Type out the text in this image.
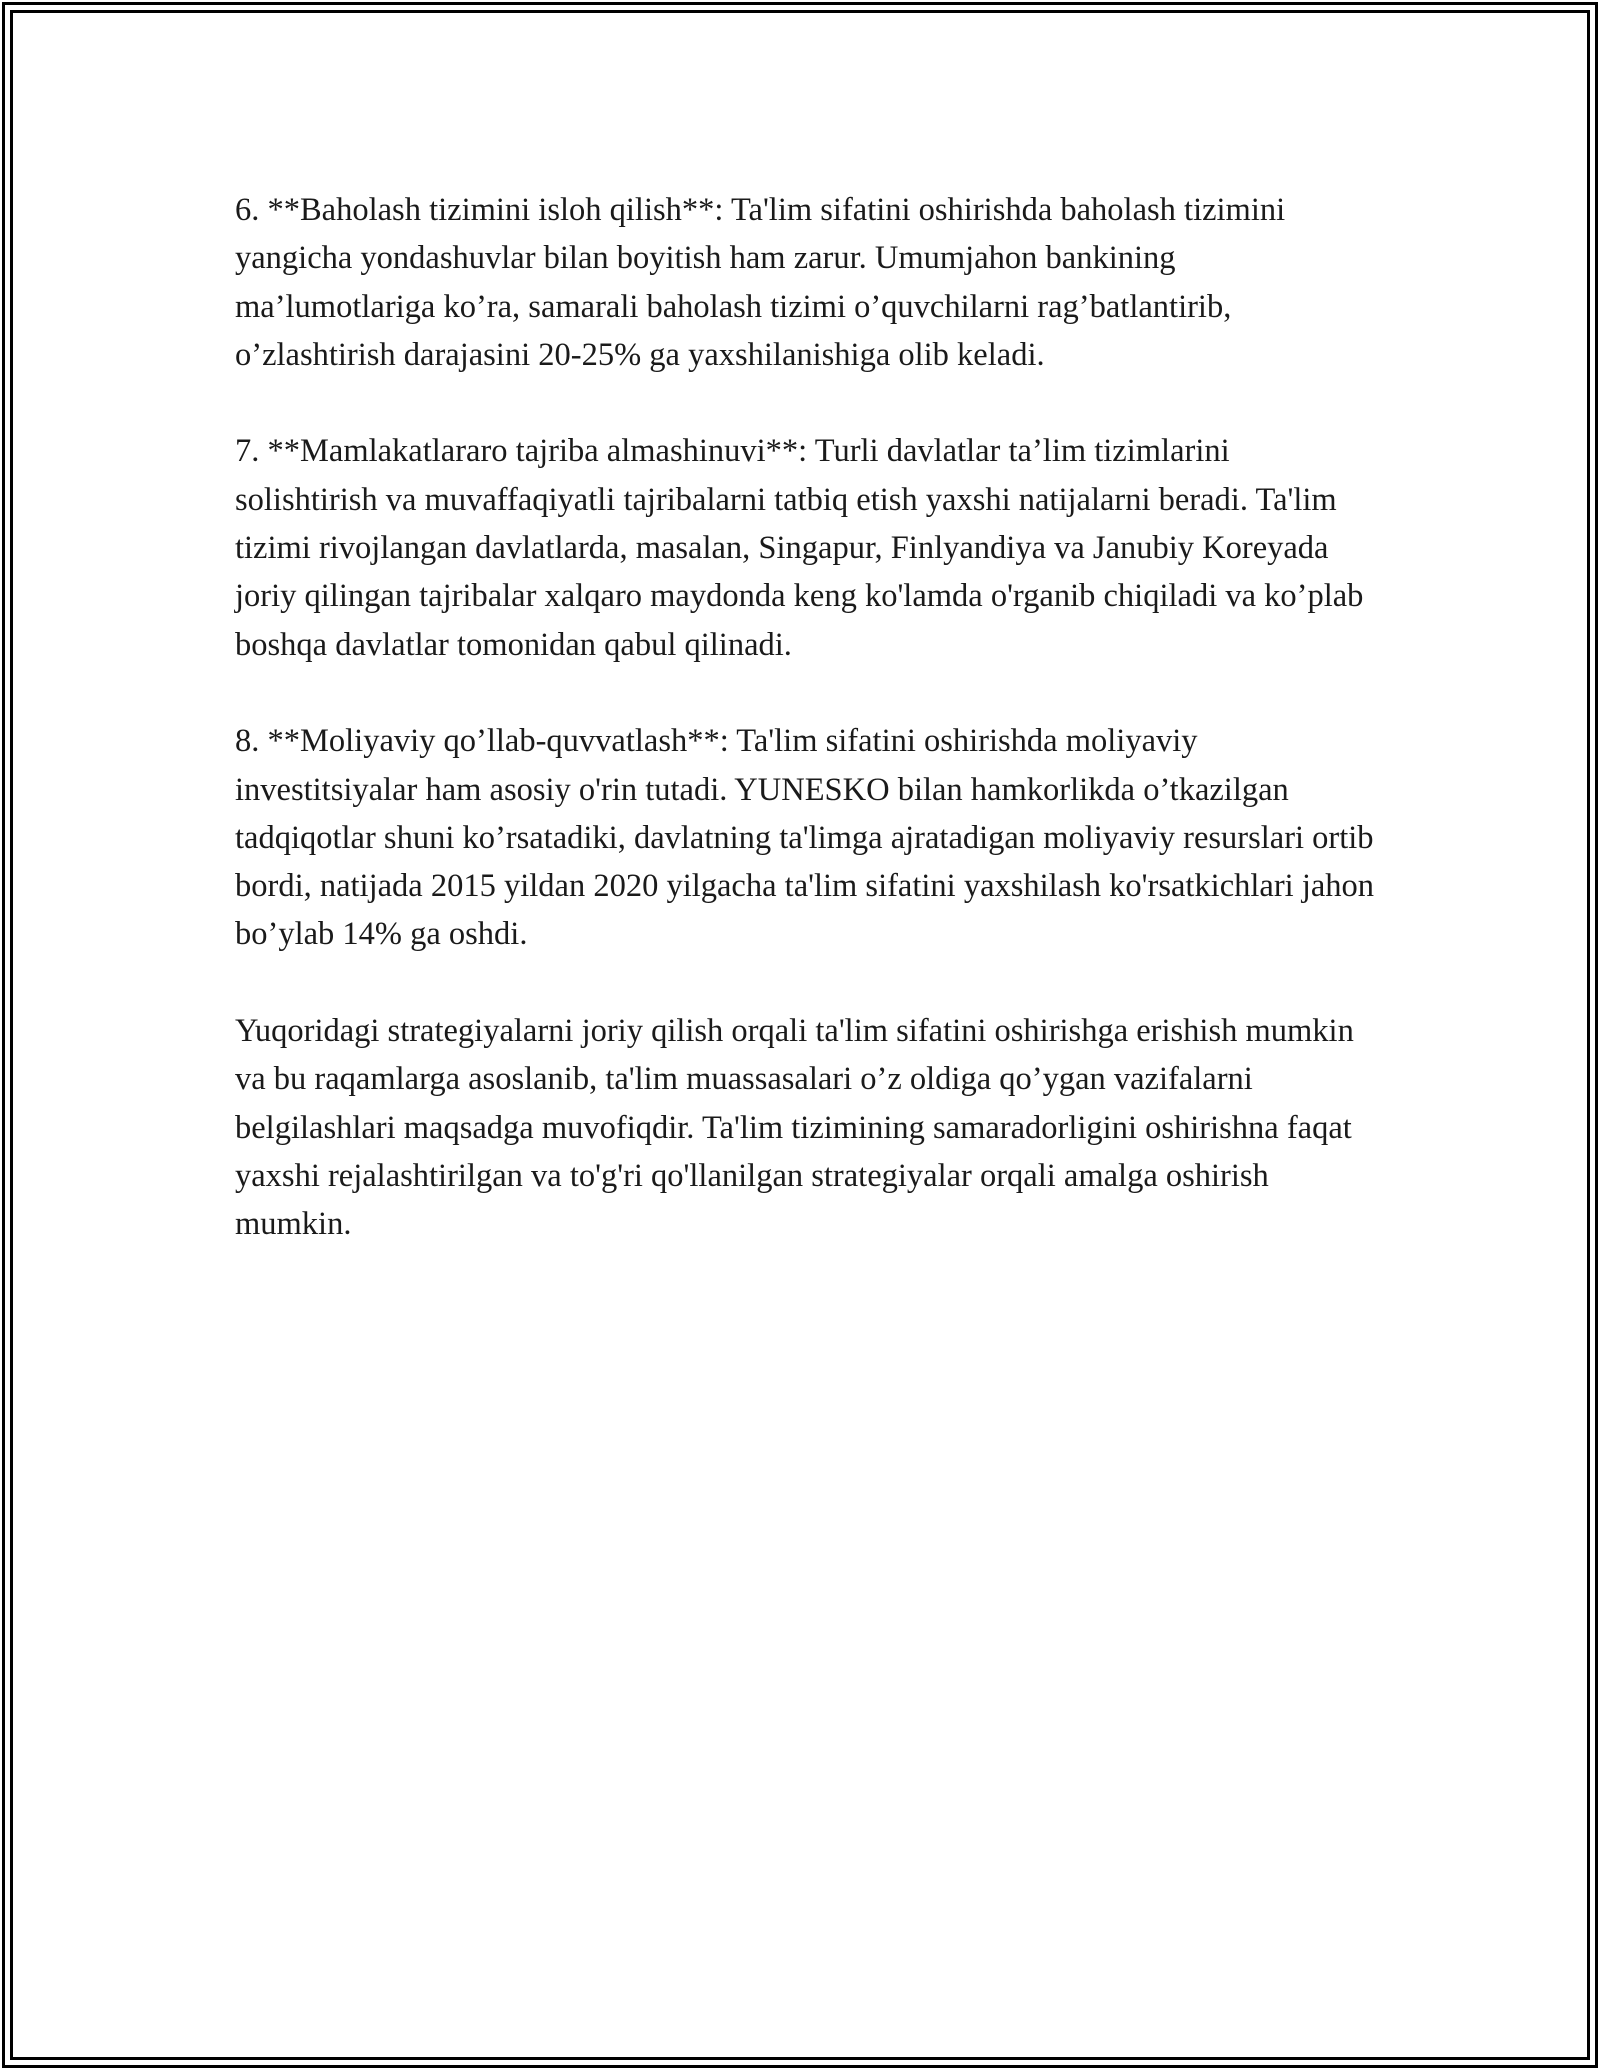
6. **Baholash tizimini isloh qilish**: Ta'lim sifatini oshirishda baholash tizimini yangicha yondashuvlar bilan boyitish ham zarur. Umumjahon bankining ma’lumotlariga ko’ra, samarali baholash tizimi o’quvchilarni rag’batlantirib, o’zlashtirish darajasini 20-25% ga yaxshilanishiga olib keladi.

7. **Mamlakatlararo tajriba almashinuvi**: Turli davlatlar ta’lim tizimlarini solishtirish va muvaffaqiyatli tajribalarni tatbiq etish yaxshi natijalarni beradi. Ta'lim tizimi rivojlangan davlatlarda, masalan, Singapur, Finlyandiya va Janubiy Koreyada joriy qilingan tajribalar xalqaro maydonda keng ko'lamda o'rganib chiqiladi va ko’plab boshqa davlatlar tomonidan qabul qilinadi.

8. **Moliyaviy qo’llab-quvvatlash**: Ta'lim sifatini oshirishda moliyaviy investitsiyalar ham asosiy o'rin tutadi. YUNESKO bilan hamkorlikda o’tkazilgan tadqiqotlar shuni ko’rsatadiki, davlatning ta'limga ajratadigan moliyaviy resurslari ortib bordi, natijada 2015 yildan 2020 yilgacha ta'lim sifatini yaxshilash ko'rsatkichlari jahon bo’ylab 14% ga oshdi.

Yuqoridagi strategiyalarni joriy qilish orqali ta'lim sifatini oshirishga erishish mumkin va bu raqamlarga asoslanib, ta'lim muassasalari o’z oldiga qo’ygan vazifalarni belgilashlari maqsadga muvofiqdir. Ta'lim tizimining samaradorligini oshirishna faqat yaxshi rejalashtirilgan va to'g'ri qo'llanilgan strategiyalar orqali amalga oshirish mumkin.
